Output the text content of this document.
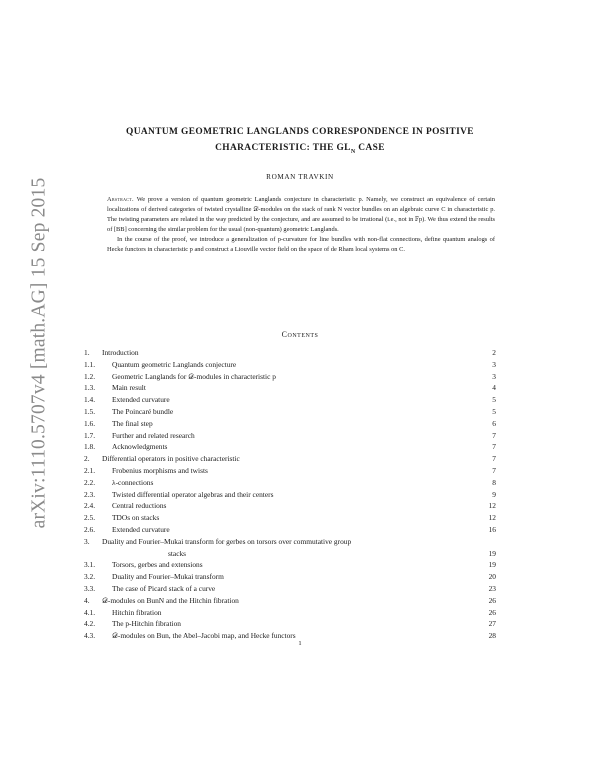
arXiv:1110.5707v4 [math.AG] 15 Sep 2015
QUANTUM GEOMETRIC LANGLANDS CORRESPONDENCE IN POSITIVE
CHARACTERISTIC: THE $GL_N$ CASE
ROMAN TRAVKIN

Abstract. We prove a version of quantum geometric Langlands conjecture in characteristic p. Namely, we construct an equivalence of certain localizations of derived categories of twisted crystalline 𝒟-modules on the stack of rank N vector bundles on an algebraic curve C in characteristic p. The twisting parameters are related in the way predicted by the conjecture, and are assumed to be irrational (i.e., not in 𝔽p). We thus extend the results of [BB] concerning the similar problem for the usual (non-quantum) geometric Langlands.

In the course of the proof, we introduce a generalization of p-curvature for line bundles with non-flat connections, define quantum analogs of Hecke functors in characteristic p and construct a Liouville vector field on the space of de Rham local systems on C.

Contents
1.	Introduction	2
1.1.	Quantum geometric Langlands conjecture	3
1.2.	Geometric Langlands for 𝒟-modules in characteristic p	3
1.3.	Main result	4
1.4.	Extended curvature	5
1.5.	The Poincaré bundle	5
1.6.	The final step	6
1.7.	Further and related research	7
1.8.	Acknowledgments	7
2.	Differential operators in positive characteristic	7
2.1.	Frobenius morphisms and twists	7
2.2.	λ-connections	8
2.3.	Twisted differential operator algebras and their centers	9
2.4.	Central reductions	12
2.5.	TDOs on stacks	12
2.6.	Extended curvature	16
3.	Duality and Fourier–Mukai transform for gerbes on torsors over commutative group
stacks	19
3.1.	Torsors, gerbes and extensions	19
3.2.	Duality and Fourier–Mukai transform	20
3.3.	The case of Picard stack of a curve	23
4.	𝒟-modules on BunN and the Hitchin fibration	26
4.1.	Hitchin fibration	26
4.2.	The p-Hitchin fibration	27
4.3.	𝒟-modules on Bun, the Abel–Jacobi map, and Hecke functors	28
1
